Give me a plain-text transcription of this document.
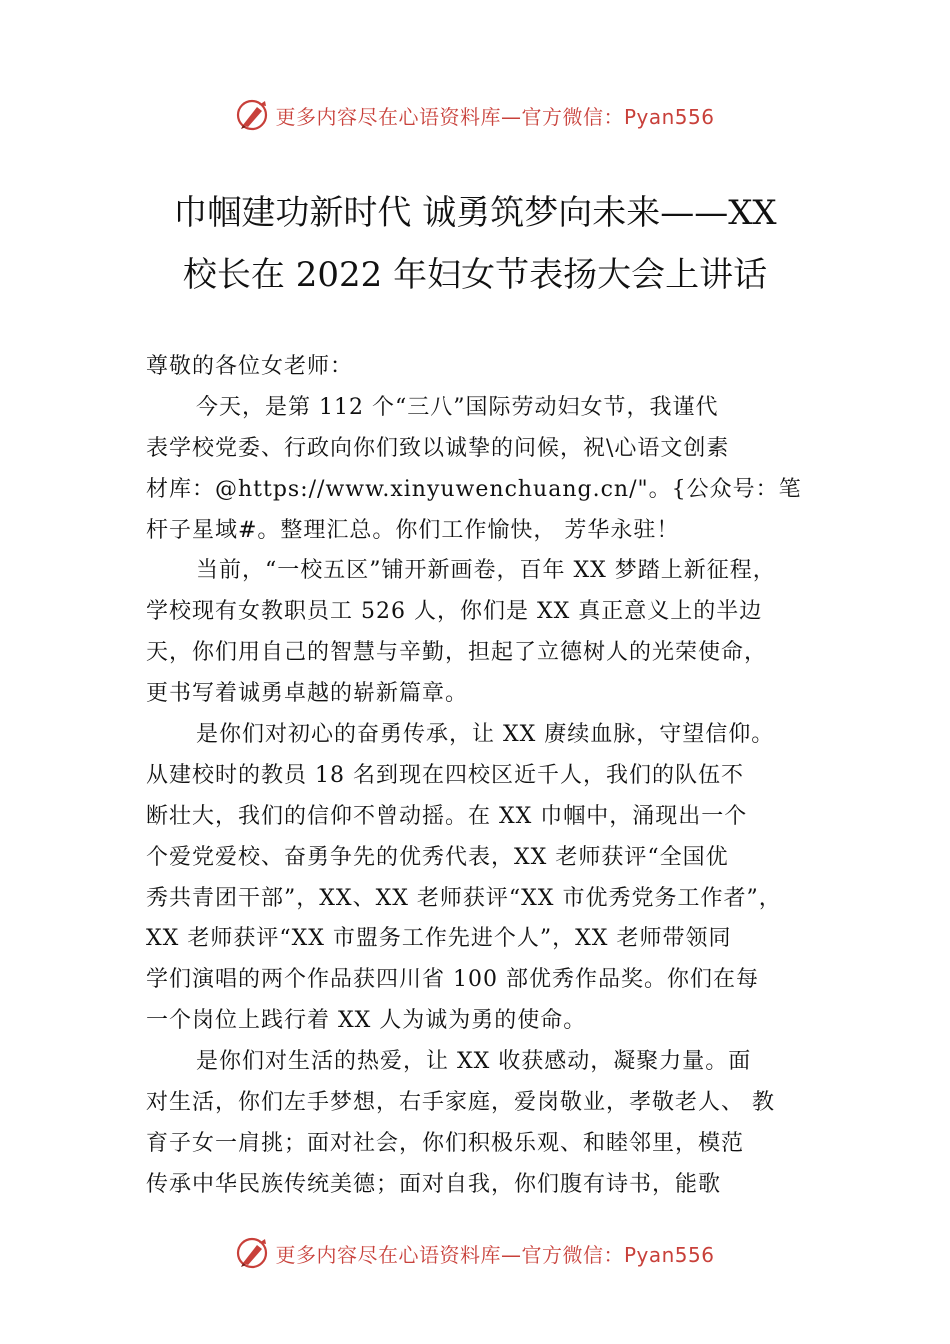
更多内容尽在心语资料库—官方微信：Pyan556
巾帼建功新时代 诚勇筑梦向未来——XX
校长在 2022 年妇女节表扬大会上讲话
尊敬的各位女老师：
今天，是第 112 个“三八”国际劳动妇女节，我谨代
表学校党委、行政向你们致以诚挚的问候，祝\心语文创素
材库：@https://www.xinyuwenchuang.cn/"。{公众号：笔
杆子星域#。整理汇总。你们工作愉快， 芳华永驻！
当前，“一校五区”铺开新画卷，百年 XX 梦踏上新征程，
学校现有女教职员工 526 人，你们是 XX 真正意义上的半边
天，你们用自己的智慧与辛勤，担起了立德树人的光荣使命，
更书写着诚勇卓越的崭新篇章。
是你们对初心的奋勇传承，让 XX 赓续血脉，守望信仰。
从建校时的教员 18 名到现在四校区近千人，我们的队伍不
断壮大，我们的信仰不曾动摇。在 XX 巾帼中，涌现出一个
个爱党爱校、奋勇争先的优秀代表，XX 老师获评“全国优
秀共青团干部”，XX、XX 老师获评“XX 市优秀党务工作者”，
XX 老师获评“XX 市盟务工作先进个人”，XX 老师带领同
学们演唱的两个作品获四川省 100 部优秀作品奖。你们在每
一个岗位上践行着 XX 人为诚为勇的使命。
是你们对生活的热爱，让 XX 收获感动，凝聚力量。面
对生活，你们左手梦想，右手家庭，爱岗敬业，孝敬老人、 教
育子女一肩挑；面对社会，你们积极乐观、和睦邻里，模范
传承中华民族传统美德；面对自我，你们腹有诗书，能歌
更多内容尽在心语资料库—官方微信：Pyan556
